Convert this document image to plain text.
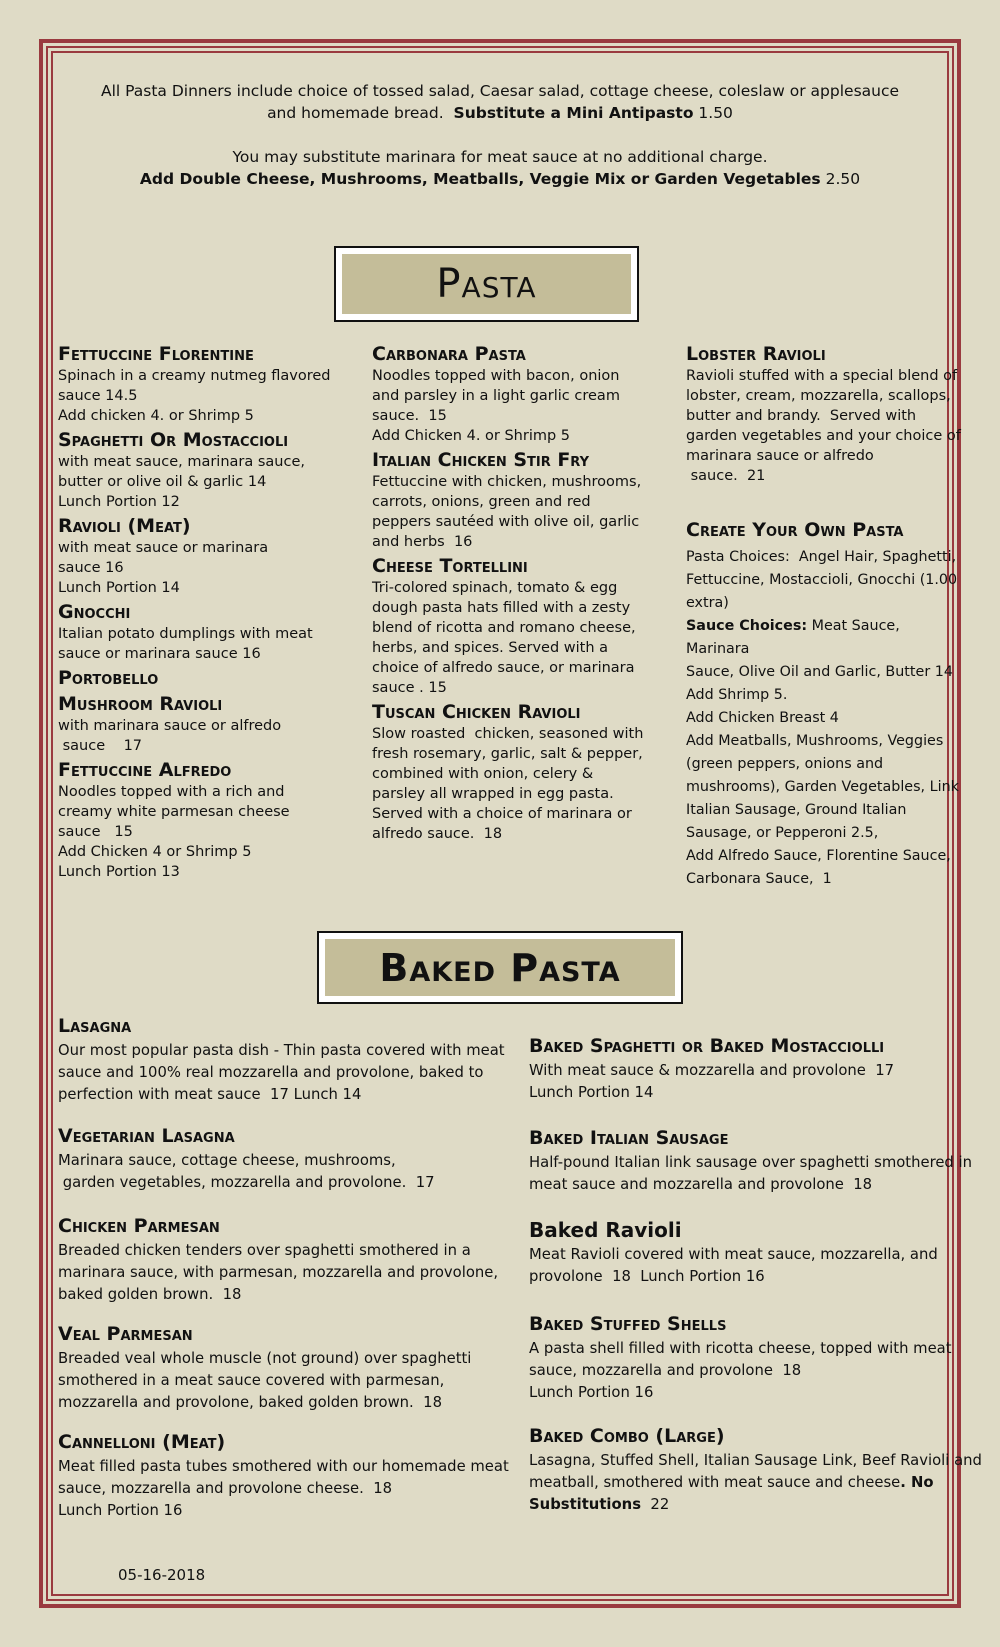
All Pasta Dinners include choice of tossed salad, Caesar salad, cottage cheese, coleslaw or applesauce
and homemade bread. Substitute a Mini Antipasto 1.50
You may substitute marinara for meat sauce at no additional charge.
Add Double Cheese, Mushrooms, Meatballs, Veggie Mix or Garden Vegetables 2.50
Pasta
Fettuccine Florentine
Spinach in a creamy nutmeg flavored
sauce 14.5
Add chicken 4. or Shrimp 5
Spaghetti Or Mostaccioli
with meat sauce, marinara sauce,
butter or olive oil & garlic 14
Lunch Portion 12
Ravioli (Meat)
with meat sauce or marinara
sauce 16
Lunch Portion 14
Gnocchi
Italian potato dumplings with meat
sauce or marinara sauce 16
Portobello
Mushroom Ravioli
with marinara sauce or alfredo
sauce    17
Fettuccine Alfredo
Noodles topped with a rich and
creamy white parmesan cheese
sauce   15
Add Chicken 4 or Shrimp 5
Lunch Portion 13
Carbonara Pasta
Noodles topped with bacon, onion
and parsley in a light garlic cream
sauce.  15
Add Chicken 4. or Shrimp 5
Italian Chicken Stir Fry
Fettuccine with chicken, mushrooms,
carrots, onions, green and red
peppers sautéed with olive oil, garlic
and herbs  16
Cheese Tortellini
Tri-colored spinach, tomato & egg
dough pasta hats filled with a zesty
blend of ricotta and romano cheese,
herbs, and spices. Served with a
choice of alfredo sauce, or marinara
sauce . 15
Tuscan Chicken Ravioli
Slow roasted  chicken, seasoned with
fresh rosemary, garlic, salt & pepper,
combined with onion, celery &
parsley all wrapped in egg pasta.
Served with a choice of marinara or
alfredo sauce.  18
Lobster Ravioli
Ravioli stuffed with a special blend of
lobster, cream, mozzarella, scallops,
butter and brandy.  Served with
garden vegetables and your choice of
marinara sauce or alfredo
sauce.  21
Create Your Own Pasta
Pasta Choices:  Angel Hair, Spaghetti,
Fettuccine, Mostaccioli, Gnocchi (1.00
extra)
Sauce Choices: Meat Sauce, Marinara
Sauce, Olive Oil and Garlic, Butter 14
Add Shrimp 5.
Add Chicken Breast 4
Add Meatballs, Mushrooms, Veggies
(green peppers, onions and
mushrooms), Garden Vegetables, Link
Italian Sausage, Ground Italian
Sausage, or Pepperoni 2.5,
Add Alfredo Sauce, Florentine Sauce,
Carbonara Sauce,  1
Baked Pasta
Lasagna
Our most popular pasta dish - Thin pasta covered with meat
sauce and 100% real mozzarella and provolone, baked to
perfection with meat sauce  17 Lunch 14
Vegetarian Lasagna
Marinara sauce, cottage cheese, mushrooms,
garden vegetables, mozzarella and provolone.  17
Chicken Parmesan
Breaded chicken tenders over spaghetti smothered in a
marinara sauce, with parmesan, mozzarella and provolone,
baked golden brown.  18
Veal Parmesan
Breaded veal whole muscle (not ground) over spaghetti
smothered in a meat sauce covered with parmesan,
mozzarella and provolone, baked golden brown.  18
Cannelloni (Meat)
Meat filled pasta tubes smothered with our homemade meat
sauce, mozzarella and provolone cheese.  18
Lunch Portion 16
Baked Spaghetti or Baked Mostacciolli
With meat sauce & mozzarella and provolone  17
Lunch Portion 14
Baked Italian Sausage
Half-pound Italian link sausage over spaghetti smothered in
meat sauce and mozzarella and provolone  18
Baked Ravioli
Meat Ravioli covered with meat sauce, mozzarella, and
provolone  18  Lunch Portion 16
Baked Stuffed Shells
A pasta shell filled with ricotta cheese, topped with meat
sauce, mozzarella and provolone  18
Lunch Portion 16
Baked Combo (Large)
Lasagna, Stuffed Shell, Italian Sausage Link, Beef Ravioli and
meatball, smothered with meat sauce and cheese. No
Substitutions  22
05-16-2018
